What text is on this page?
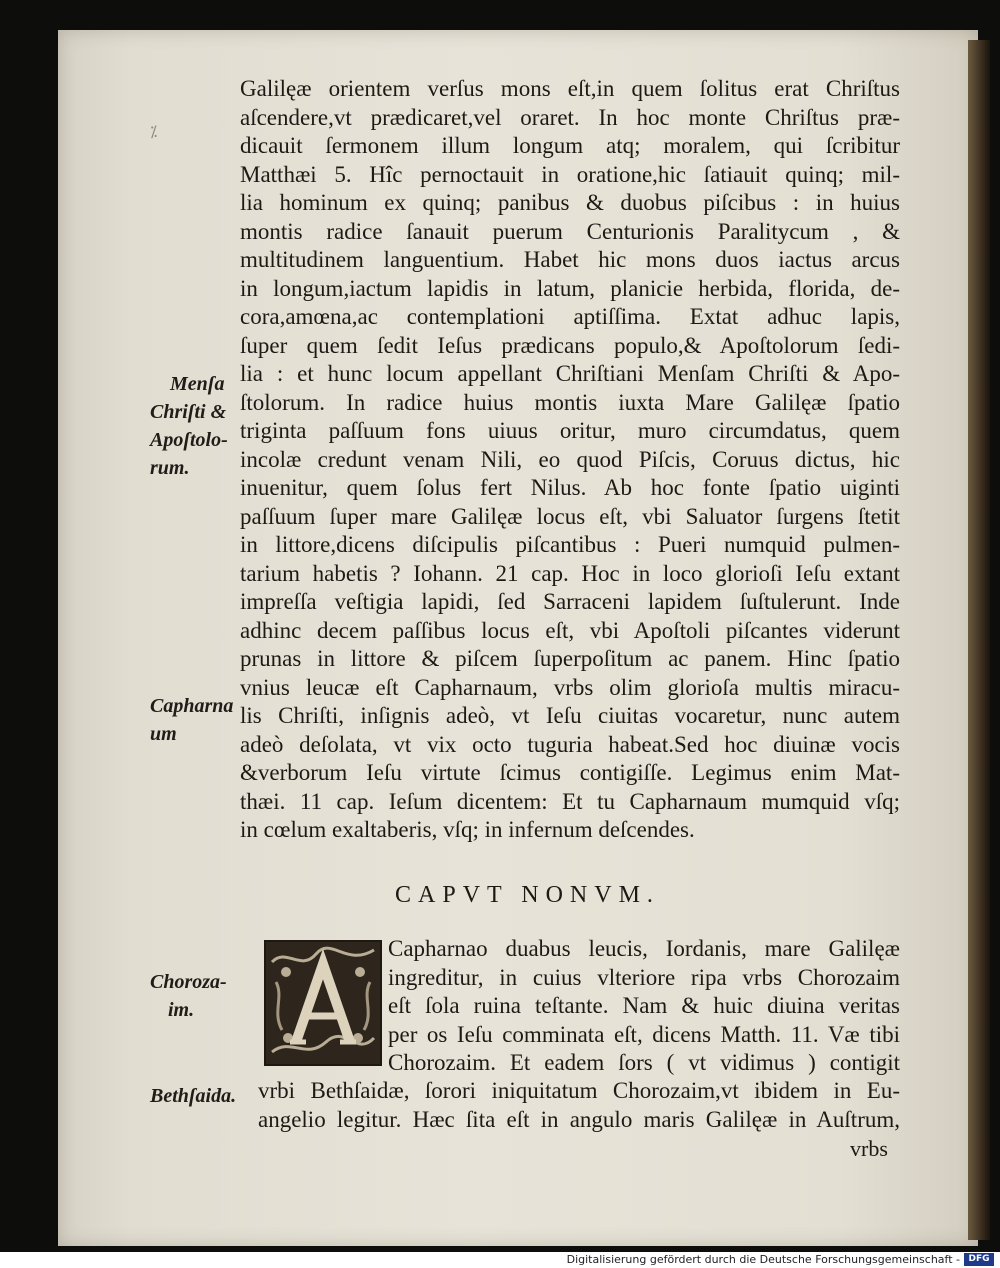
⁒
Galilęæ orientem verſus mons eſt,in quem ſolitus erat Chriſtus
aſcendere,vt prædicaret,vel oraret. In hoc monte Chriſtus præ-
dicauit ſermonem illum longum atq; moralem, qui ſcribitur
Matthæi 5. Hîc pernoctauit in oratione,hic ſatiauit quinq; mil-
lia hominum ex quinq; panibus & duobus piſcibus : in huius
montis radice ſanauit puerum Centurionis Paralitycum , &
multitudinem languentium. Habet hic mons duos iactus arcus
in longum,iactum lapidis in latum, planicie herbida, florida, de-
cora,amœna,ac contemplationi aptiſſima. Extat adhuc lapis,
ſuper quem ſedit Ieſus prædicans populo,& Apoſtolorum ſedi-
lia : et hunc locum appellant Chriſtiani Menſam Chriſti & Apo-
ſtolorum. In radice huius montis iuxta Mare Galilęæ ſpatio
triginta paſſuum fons uiuus oritur, muro circumdatus, quem
incolæ credunt venam Nili, eo quod Piſcis, Coruus dictus, hic
inuenitur, quem ſolus fert Nilus. Ab hoc fonte ſpatio uiginti
paſſuum ſuper mare Galilęæ locus eſt, vbi Saluator ſurgens ſtetit
in littore,dicens diſcipulis piſcantibus : Pueri numquid pulmen-
tarium habetis ? Iohann. 21 cap. Hoc in loco glorioſi Ieſu extant
impreſſa veſtigia lapidi, ſed Sarraceni lapidem ſuſtulerunt. Inde
adhinc decem paſſibus locus eſt, vbi Apoſtoli piſcantes viderunt
prunas in littore & piſcem ſuperpoſitum ac panem. Hinc ſpatio
vnius leucæ eſt Capharnaum, vrbs olim glorioſa multis miracu-
lis Chriſti, inſignis adeò, vt Ieſu ciuitas vocaretur, nunc autem
adeò deſolata, vt vix octo tuguria habeat.Sed hoc diuinæ vocis
&verborum Ieſu virtute ſcimus contigiſſe. Legimus enim Mat-
thæi. 11 cap. Ieſum dicentem: Et tu Capharnaum mumquid vſq;
in cœlum exaltaberis, vſq; in infernum deſcendes.
Menſa
Chriſti &
Apoſtolo-
rum.
Capharna
um
Choroza-
im.
Bethſaida.
CAPVT NONVM.
Capharnao duabus leucis, Iordanis, mare Galilęæ
ingreditur, in cuius vlteriore ripa vrbs Chorozaim
eſt ſola ruina teſtante. Nam & huic diuina veritas
per os Ieſu comminata eſt, dicens Matth. 11. Væ tibi
Chorozaim. Et eadem ſors ( vt vidimus ) contigit
vrbi Bethſaidæ, ſorori iniquitatum Chorozaim,vt ibidem in Eu-
angelio legitur. Hæc ſita eſt in angulo maris Galilęæ in Auſtrum,
vrbs
Digitalisierung gefördert durch die Deutsche Forschungsgemeinschaft - DFG
